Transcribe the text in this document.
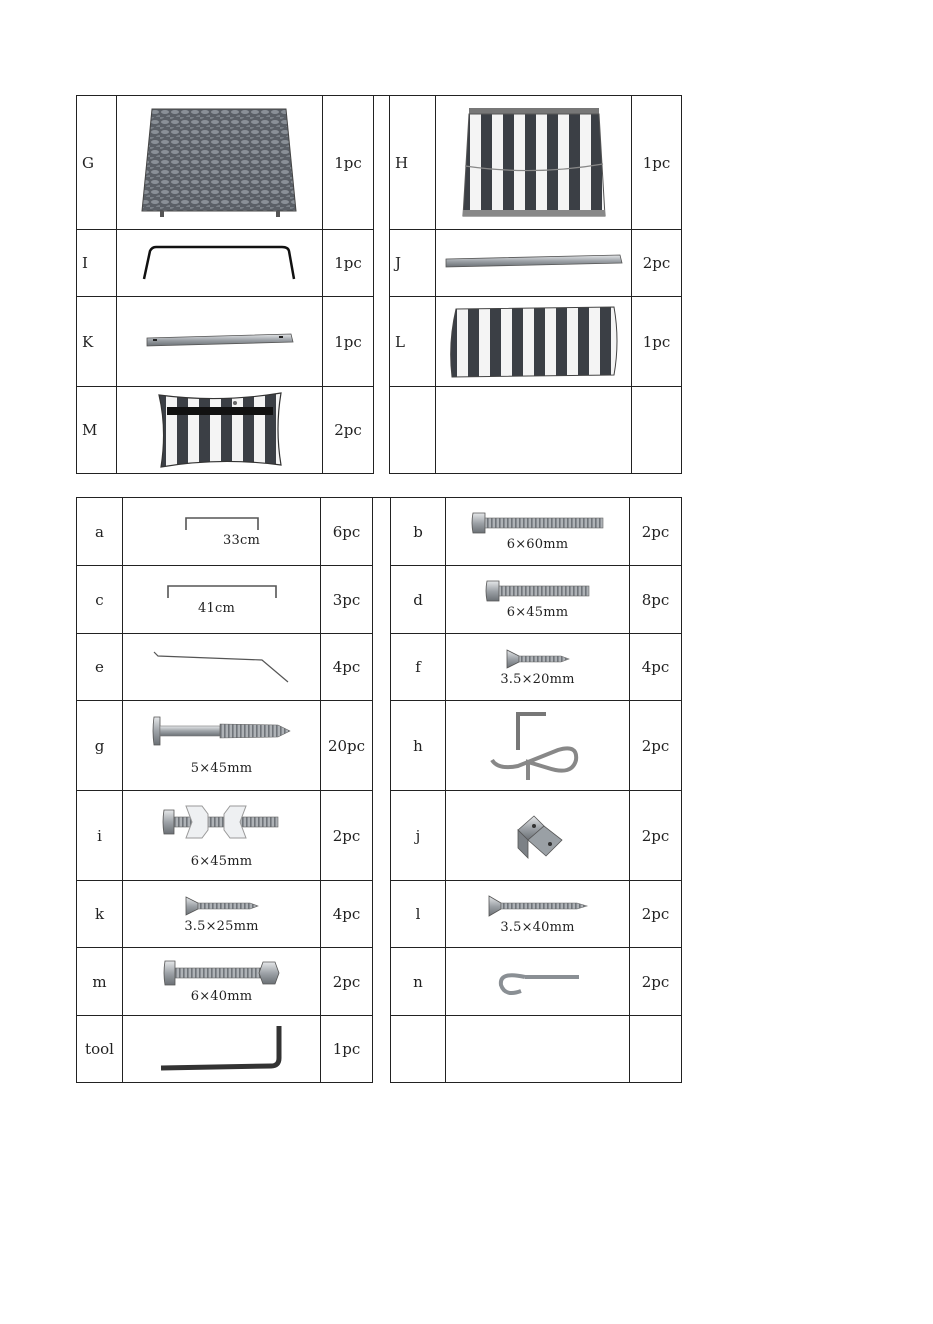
G		1pc		H		1pc
I		1pc		J		2pc
K		1pc		L		1pc
M		2pc				
a	33cm	6pc		b	6×60mm	2pc
c	41cm	3pc		d	6×45mm	8pc
e		4pc		f	3.5×20mm	4pc
g	5×45mm	20pc		h		2pc
i	6×45mm	2pc		j		2pc
k	3.5×25mm	4pc		l	3.5×40mm	2pc
m	6×40mm	2pc		n		2pc
tool		1pc				
